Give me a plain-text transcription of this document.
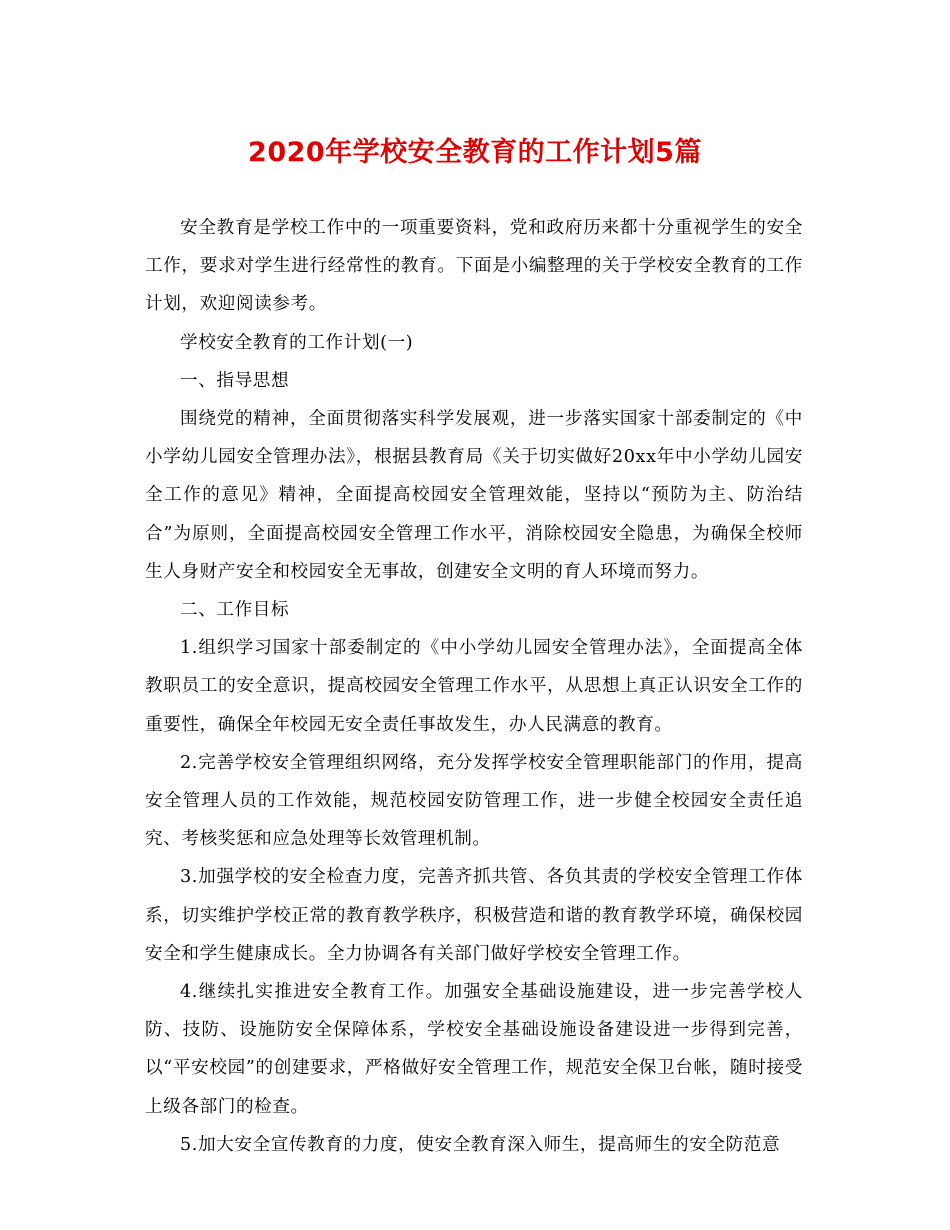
2020年学校安全教育的工作计划5篇

安全教育是学校工作中的一项重要资料，党和政府历来都十分重视学生的安全工作，要求对学生进行经常性的教育。下面是小编整理的关于学校安全教育的工作计划，欢迎阅读参考。

学校安全教育的工作计划(一)

一、指导思想

围绕党的精神，全面贯彻落实科学发展观，进一步落实国家十部委制定的《中小学幼儿园安全管理办法》，根据县教育局《关于切实做好20xx年中小学幼儿园安全工作的意见》精神，全面提高校园安全管理效能，坚持以“预防为主、防治结合”为原则，全面提高校园安全管理工作水平，消除校园安全隐患，为确保全校师生人身财产安全和校园安全无事故，创建安全文明的育人环境而努力。

二、工作目标

1.组织学习国家十部委制定的《中小学幼儿园安全管理办法》，全面提高全体教职员工的安全意识，提高校园安全管理工作水平，从思想上真正认识安全工作的重要性，确保全年校园无安全责任事故发生，办人民满意的教育。

2.完善学校安全管理组织网络，充分发挥学校安全管理职能部门的作用，提高安全管理人员的工作效能，规范校园安防管理工作，进一步健全校园安全责任追究、考核奖惩和应急处理等长效管理机制。

3.加强学校的安全检查力度，完善齐抓共管、各负其责的学校安全管理工作体系，切实维护学校正常的教育教学秩序，积极营造和谐的教育教学环境，确保校园安全和学生健康成长。全力协调各有关部门做好学校安全管理工作。

4.继续扎实推进安全教育工作。加强安全基础设施建设，进一步完善学校人防、技防、设施防安全保障体系，学校安全基础设施设备建设进一步得到完善，以“平安校园”的创建要求，严格做好安全管理工作，规范安全保卫台帐，随时接受上级各部门的检查。

5.加大安全宣传教育的力度，使安全教育深入师生，提高师生的安全防范意
